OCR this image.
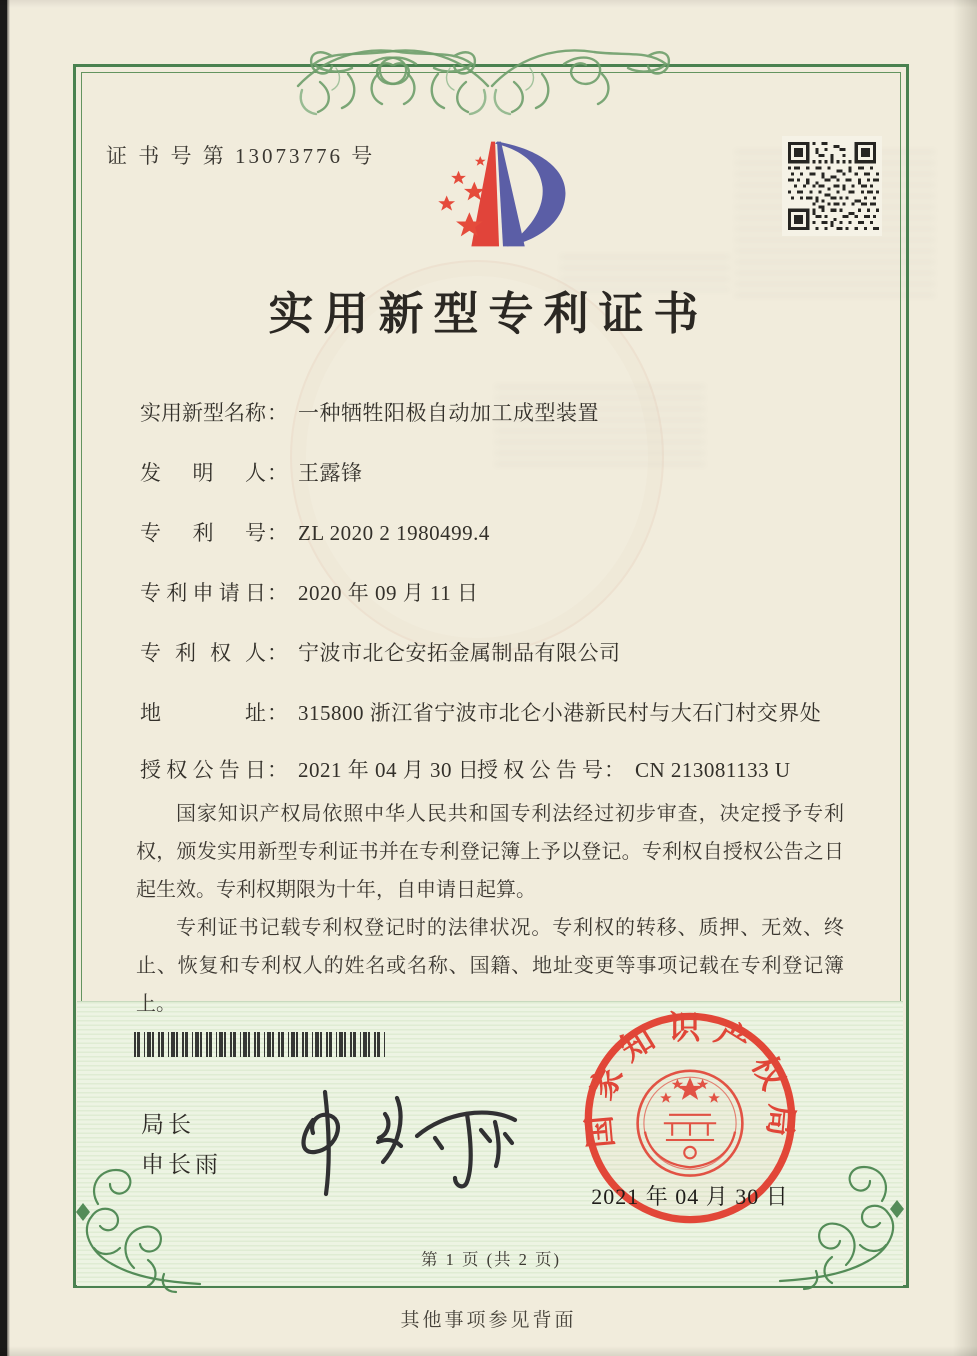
证 书 号 第 13073776 号
实用新型专利证书
实用新型名称： 一种牺牲阳极自动加工成型装置
发明人： 王露锋
专利号： ZL 2020 2 1980499.4
专利申请日： 2020 年 09 月 11 日
专利权人： 宁波市北仑安拓金属制品有限公司
地址： 315800 浙江省宁波市北仑小港新民村与大石门村交界处
授权公告日： 2021 年 04 月 30 日
授权公告号： CN 213081133 U

国家知识产权局依照中华人民共和国专利法经过初步审查，决定授予专利权，颁发实用新型专利证书并在专利登记簿上予以登记。专利权自授权公告之日起生效。专利权期限为十年，自申请日起算。

专利证书记载专利权登记时的法律状况。专利权的转移、质押、无效、终止、恢复和专利权人的姓名或名称、国籍、地址变更等事项记载在专利登记簿上。

局长
申长雨
国家知识产权局
2021 年 04 月 30 日
第 1 页 (共 2 页)
其他事项参见背面
